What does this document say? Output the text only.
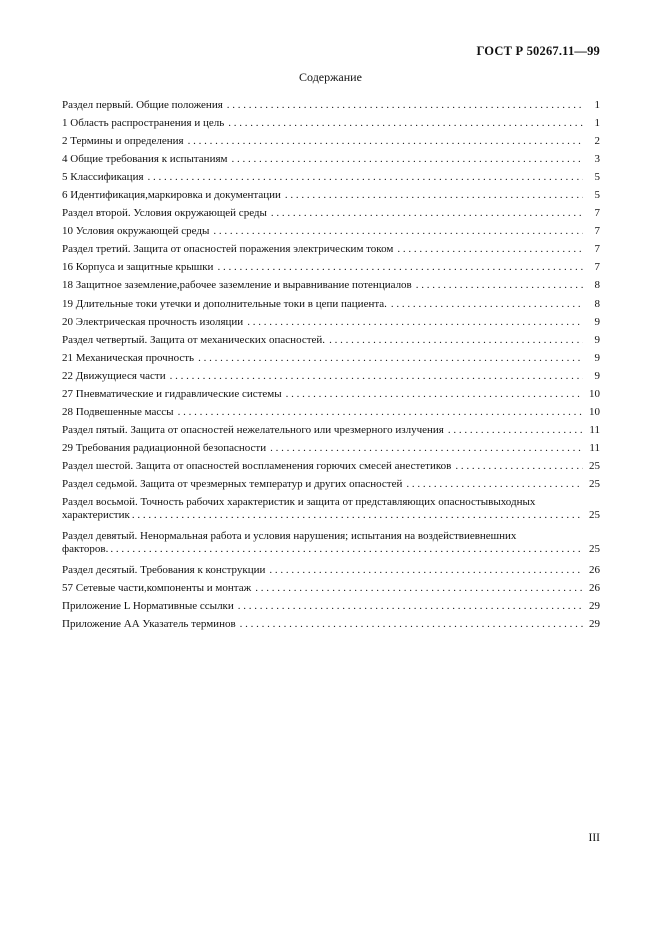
ГОСТ Р 50267.11—99
Содержание
Раздел первый. Общие положения . . .	1
1 Область распространения и цель . . .	1
2 Термины и определения . . .	2
4 Общие требования к испытаниям . . .	3
5 Классификация . . .	5
6 Идентификация,маркировка и документации . . .	5
Раздел второй. Условия окружающей среды . . .	7
10 Условия окружающей среды . . .	7
Раздел третий. Защита от опасностей поражения электрическим током . . .	7
16 Корпуса и защитные крышки . . .	7
18 Защитное заземление,рабочее заземление и выравнивание потенциалов . . .	8
19 Длительные токи утечки и дополнительные токи в цепи пациента. . . .	8
20 Электрическая прочность изоляции . . .	9
Раздел четвертый. Защита от механических опасностей. . . .	9
21 Механическая прочность . . .	9
22 Движущиеся части . . .	9
27 Пневматические и гидравлические системы . . .	10
28 Подвешенные массы . . .	10
Раздел пятый. Защита от опасностей нежелательного или чрезмерного излучения . . .	11
29 Требования радиационной безопасности . . .	11
Раздел шестой. Защита от опасностей воспламенения горючих смесей анестетиков . . .	25
Раздел седьмой. Защита от чрезмерных температур и других опасностей . . .	25
Раздел восьмой. Точность рабочих характеристик и защита от представляющих опасностывыходных
характеристик . . .	25
Раздел девятый. Ненормальная работа и условия нарушения; испытания на воздействиевнешних
факторов. . . .	25
Раздел десятый. Требования к конструкции . . .	26
57 Сетевые части,компоненты и монтаж . . .	26
Приложение L Нормативные ссылки . . .	29
Приложение АА Указатель терминов . . .	29
III
